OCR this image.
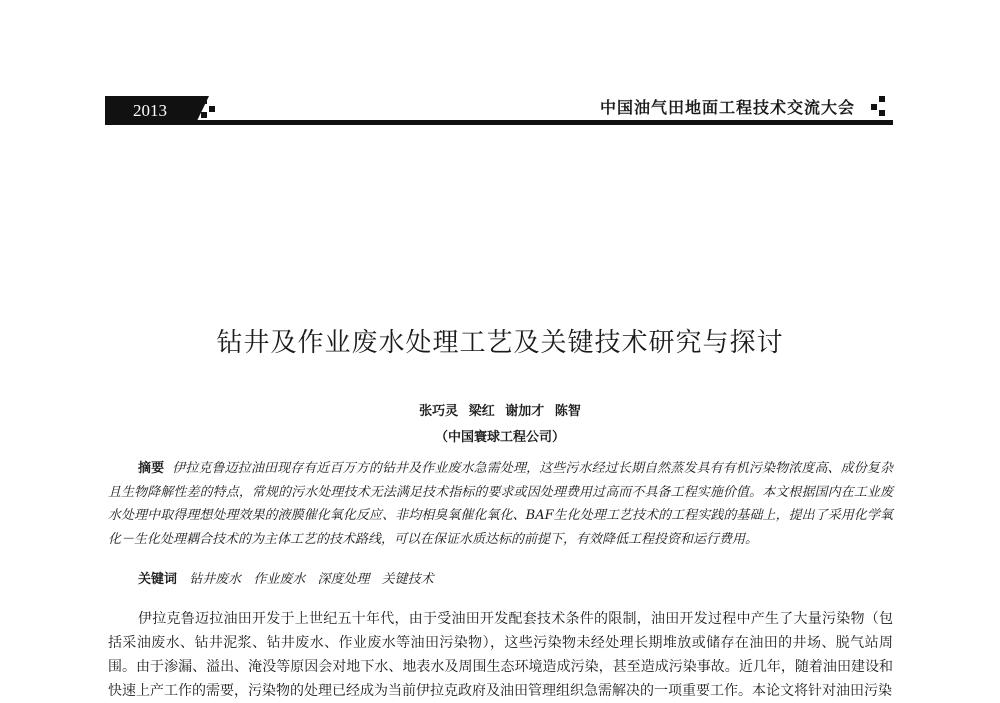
2013	中国油气田地面工程技术交流大会
钻井及作业废水处理工艺及关键技术研究与探讨
张巧灵 梁红 谢加才 陈智
（中国寰球工程公司）
摘要 伊拉克鲁迈拉油田现存有近百万方的钻井及作业废水急需处理，这些污水经过长期自然蒸发具有有机污染物浓度高、成份复杂且生物降解性差的特点，常规的污水处理技术无法满足技术指标的要求或因处理费用过高而不具备工程实施价值。本文根据国内在工业废水处理中取得理想处理效果的液膜催化氧化反应、非均相臭氧催化氧化、BAF生化处理工艺技术的工程实践的基础上，提出了采用化学氧化－生化处理耦合技术的为主体工艺的技术路线，可以在保证水质达标的前提下，有效降低工程投资和运行费用。
关键词 钻井废水 作业废水 深度处理 关键技术
伊拉克鲁迈拉油田开发于上世纪五十年代，由于受油田开发配套技术条件的限制，油田开发过程中产生了大量污染物（包括采油废水、钻井泥浆、钻井废水、作业废水等油田污染物），这些污染物未经处理长期堆放或储存在油田的井场、脱气站周围。由于渗漏、溢出、淹没等原因会对地下水、地表水及周围生态环境造成污染，甚至造成污染事故。近几年，随着油田建设和快速上产工作的需要，污染物的处理已经成为当前伊拉克政府及油田管理组织急需解决的一项重要工作。本论文将针对油田污染
